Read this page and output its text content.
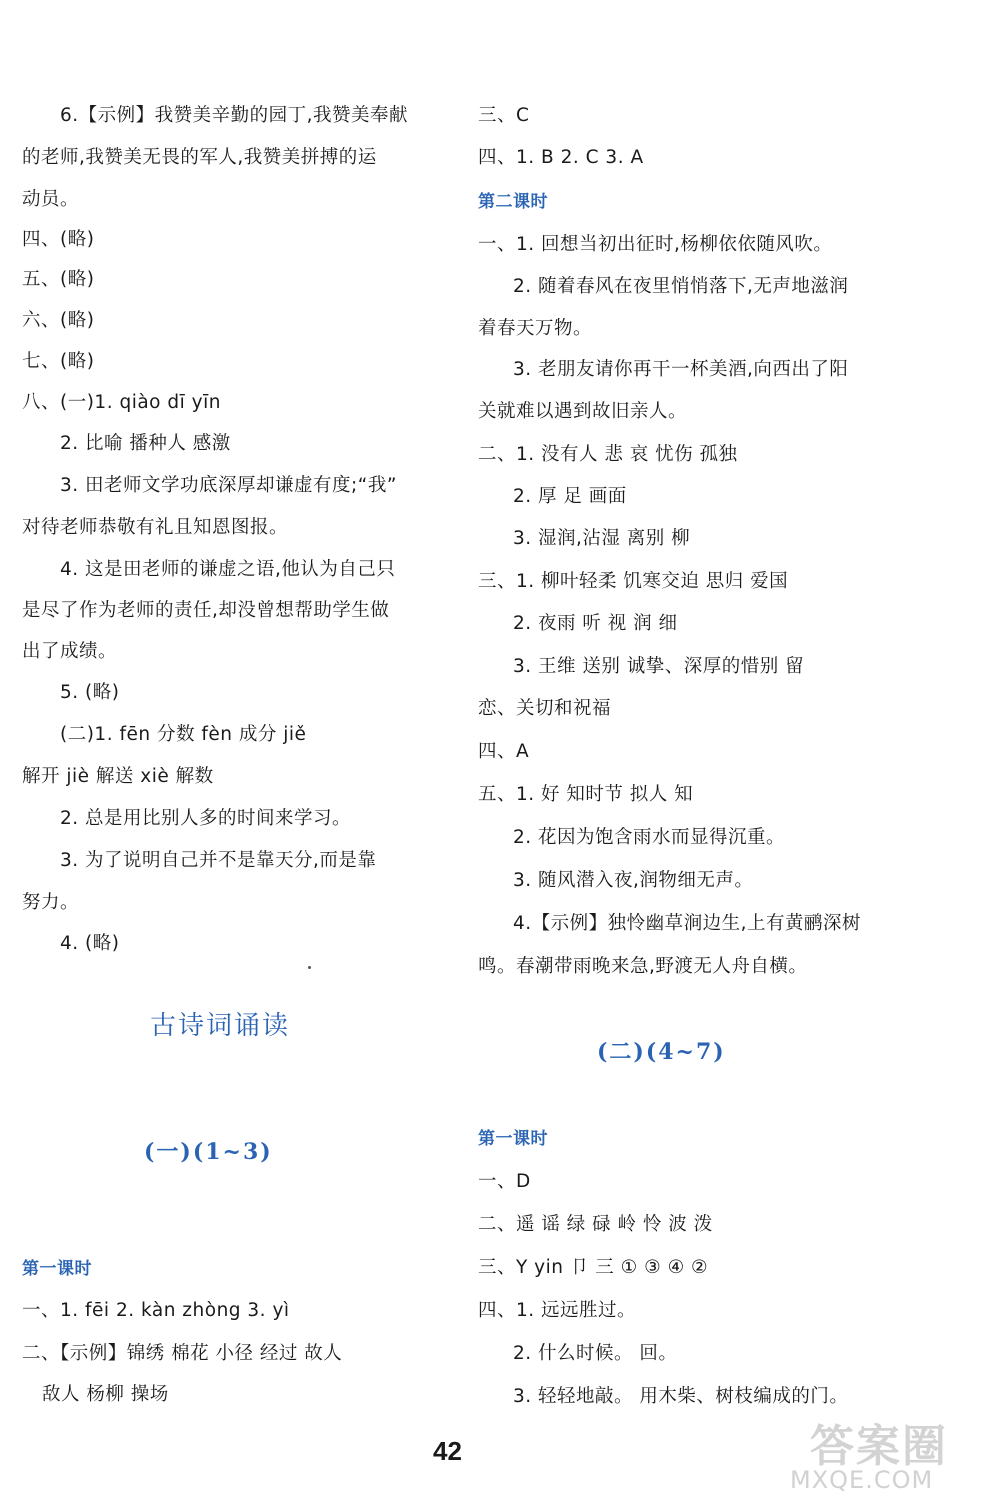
6.【示例】我赞美辛勤的园丁,我赞美奉献
的老师,我赞美无畏的军人,我赞美拼搏的运
动员。
四、(略)
五、(略)
六、(略)
七、(略)
八、(一)1. qiào dī yīn
2. 比喻 播种人 感激
3. 田老师文学功底深厚却谦虚有度;“我”
对待老师恭敬有礼且知恩图报。
4. 这是田老师的谦虚之语,他认为自己只
是尽了作为老师的责任,却没曾想帮助学生做
出了成绩。
5. (略)
(二)1. fēn 分数 fèn 成分 jiě
解开 jiè 解送 xiè 解数
2. 总是用比别人多的时间来学习。
3. 为了说明自己并不是靠天分,而是靠
努力。
4. (略)
古诗词诵读
(一)(1~3)
第一课时
一、1. fēi 2. kàn zhòng 3. yì
二、【示例】锦绣 棉花 小径 经过 故人
敌人 杨柳 操场
三、C
四、1. B 2. C 3. A
第二课时
一、1. 回想当初出征时,杨柳依依随风吹。
2. 随着春风在夜里悄悄落下,无声地滋润
着春天万物。
3. 老朋友请你再干一杯美酒,向西出了阳
关就难以遇到故旧亲人。
二、1. 没有人 悲 哀 忧伤 孤独
2. 厚 足 画面
3. 湿润,沾湿 离别 柳
三、1. 柳叶轻柔 饥寒交迫 思归 爱国
2. 夜雨 听 视 润 细
3. 王维 送别 诚挚、深厚的惜别 留
恋、关切和祝福
四、A
五、1. 好 知时节 拟人 知
2. 花因为饱含雨水而显得沉重。
3. 随风潜入夜,润物细无声。
4.【示例】独怜幽草涧边生,上有黄鹂深树
鸣。春潮带雨晚来急,野渡无人舟自横。
(二)(4~7)
第一课时
一、D
二、遥 谣 绿 碌 岭 怜 波 泼
三、Y yin 卩 三 ① ③ ④ ②
四、1. 远远胜过。
2. 什么时候。 回。
3. 轻轻地敲。 用木柴、树枝编成的门。
42	答案圈
MXQE.COM
